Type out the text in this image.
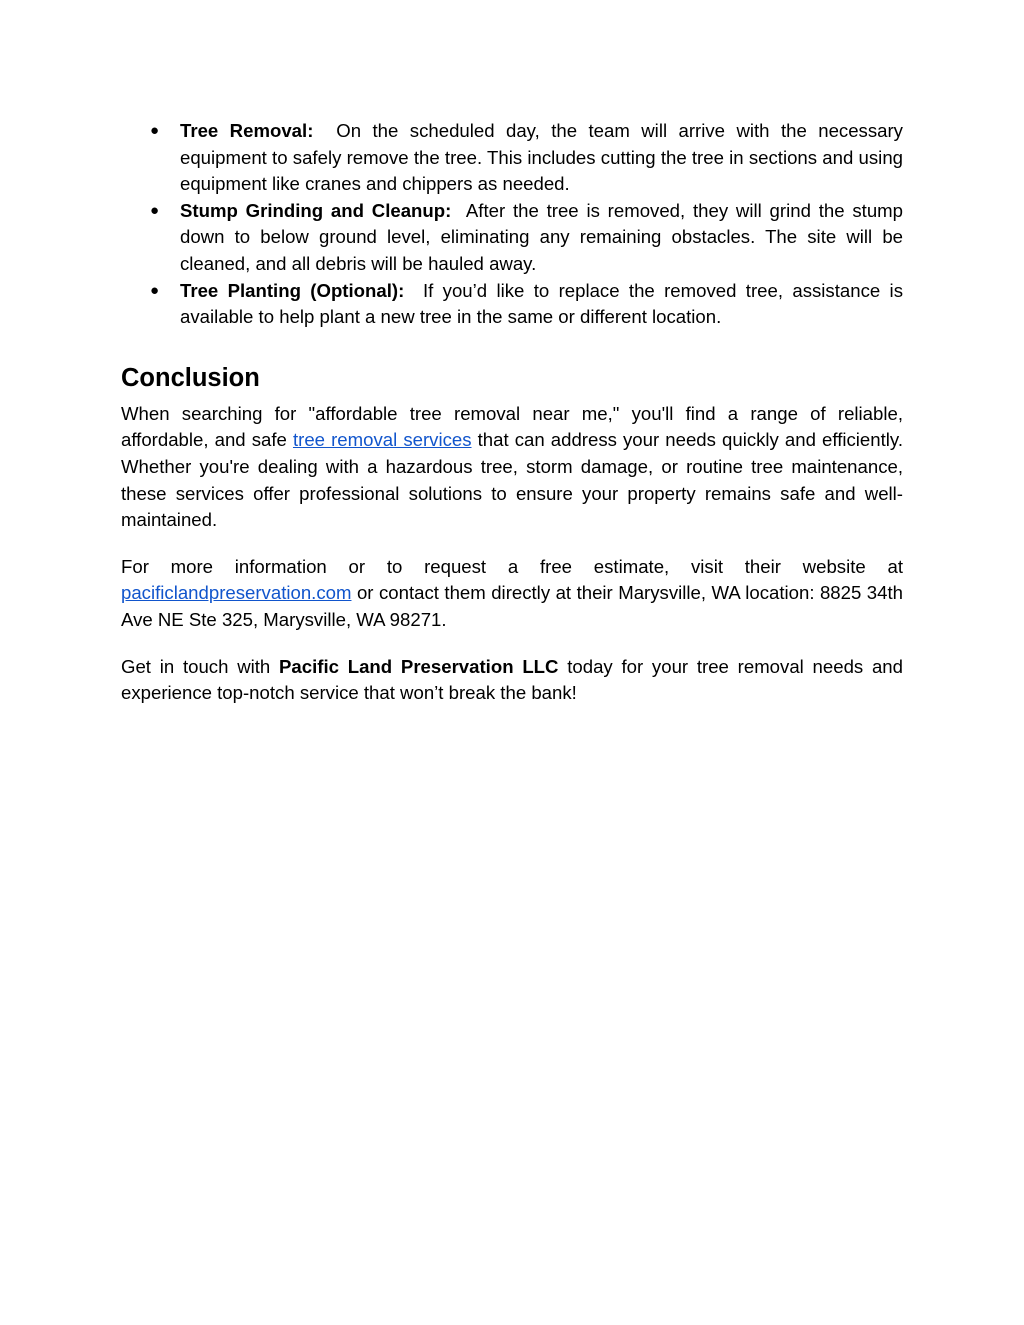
● Tree Removal: On the scheduled day, the team will arrive with the necessary equipment to safely remove the tree. This includes cutting the tree in sections and using equipment like cranes and chippers as needed.
● Stump Grinding and Cleanup: After the tree is removed, they will grind the stump down to below ground level, eliminating any remaining obstacles. The site will be cleaned, and all debris will be hauled away.
● Tree Planting (Optional): If you’d like to replace the removed tree, assistance is available to help plant a new tree in the same or different location.
Conclusion

When searching for "affordable tree removal near me," you'll find a range of reliable, affordable, and safe tree removal services that can address your needs quickly and efficiently. Whether you're dealing with a hazardous tree, storm damage, or routine tree maintenance, these services offer professional solutions to ensure your property remains safe and well-maintained.

For more information or to request a free estimate, visit their website at pacificlandpreservation.com or contact them directly at their Marysville, WA location: 8825 34th Ave NE Ste 325, Marysville, WA 98271.

Get in touch with Pacific Land Preservation LLC today for your tree removal needs and experience top-notch service that won’t break the bank!
